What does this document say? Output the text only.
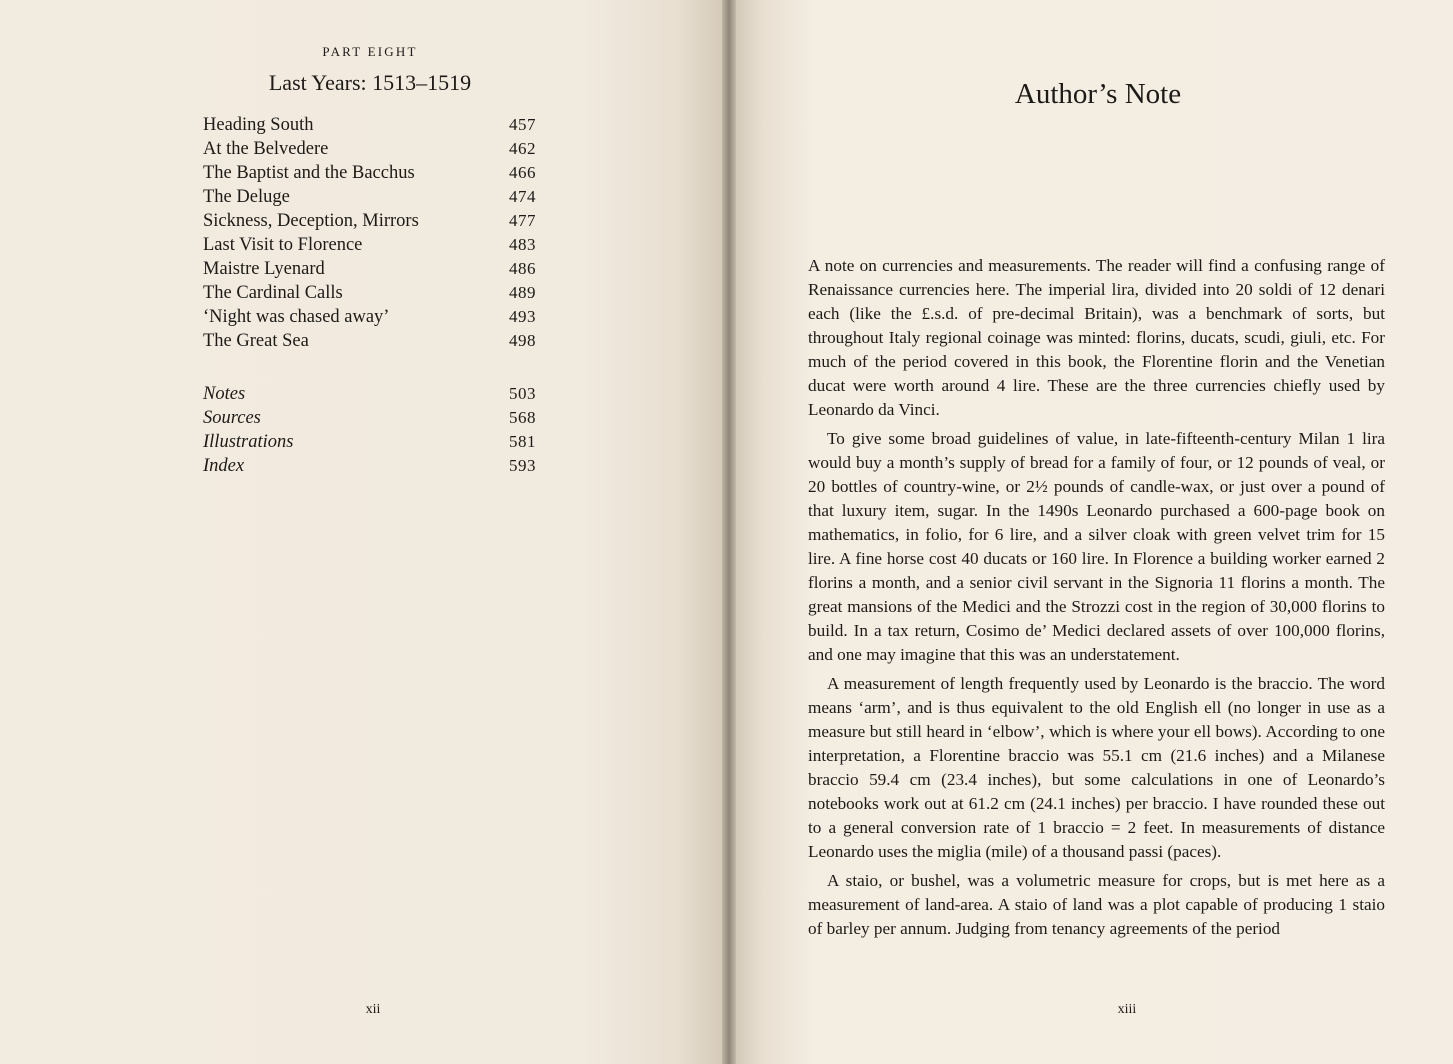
PART EIGHT
Last Years: 1513–1519
Heading South	457
At the Belvedere	462
The Baptist and the Bacchus	466
The Deluge	474
Sickness, Deception, Mirrors	477
Last Visit to Florence	483
Maistre Lyenard	486
The Cardinal Calls	489
‘Night was chased away’	493
The Great Sea	498
Notes	503
Sources	568
Illustrations	581
Index	593
xii
Author’s Note

A note on currencies and measurements. The reader will find a confusing range of Renaissance currencies here. The imperial lira, divided into 20 soldi of 12 denari each (like the £.s.d. of pre-decimal Britain), was a benchmark of sorts, but throughout Italy regional coinage was minted: florins, ducats, scudi, giuli, etc. For much of the period covered in this book, the Florentine florin and the Venetian ducat were worth around 4 lire. These are the three currencies chiefly used by Leonardo da Vinci.

To give some broad guidelines of value, in late-fifteenth-century Milan 1 lira would buy a month’s supply of bread for a family of four, or 12 pounds of veal, or 20 bottles of country-wine, or 2½ pounds of candle-wax, or just over a pound of that luxury item, sugar. In the 1490s Leonardo purchased a 600-page book on mathematics, in folio, for 6 lire, and a silver cloak with green velvet trim for 15 lire. A fine horse cost 40 ducats or 160 lire. In Florence a building worker earned 2 florins a month, and a senior civil servant in the Signoria 11 florins a month. The great mansions of the Medici and the Strozzi cost in the region of 30,000 florins to build. In a tax return, Cosimo de’ Medici declared assets of over 100,000 florins, and one may imagine that this was an understatement.

A measurement of length frequently used by Leonardo is the braccio. The word means ‘arm’, and is thus equivalent to the old English ell (no longer in use as a measure but still heard in ‘elbow’, which is where your ell bows). According to one interpretation, a Florentine braccio was 55.1 cm (21.6 inches) and a Milanese braccio 59.4 cm (23.4 inches), but some calculations in one of Leonardo’s notebooks work out at 61.2 cm (24.1 inches) per braccio. I have rounded these out to a general conversion rate of 1 braccio = 2 feet. In measurements of distance Leonardo uses the miglia (mile) of a thousand passi (paces).

A staio, or bushel, was a volumetric measure for crops, but is met here as a measurement of land-area. A staio of land was a plot capable of producing 1 staio of barley per annum. Judging from tenancy agreements of the period

xiii
